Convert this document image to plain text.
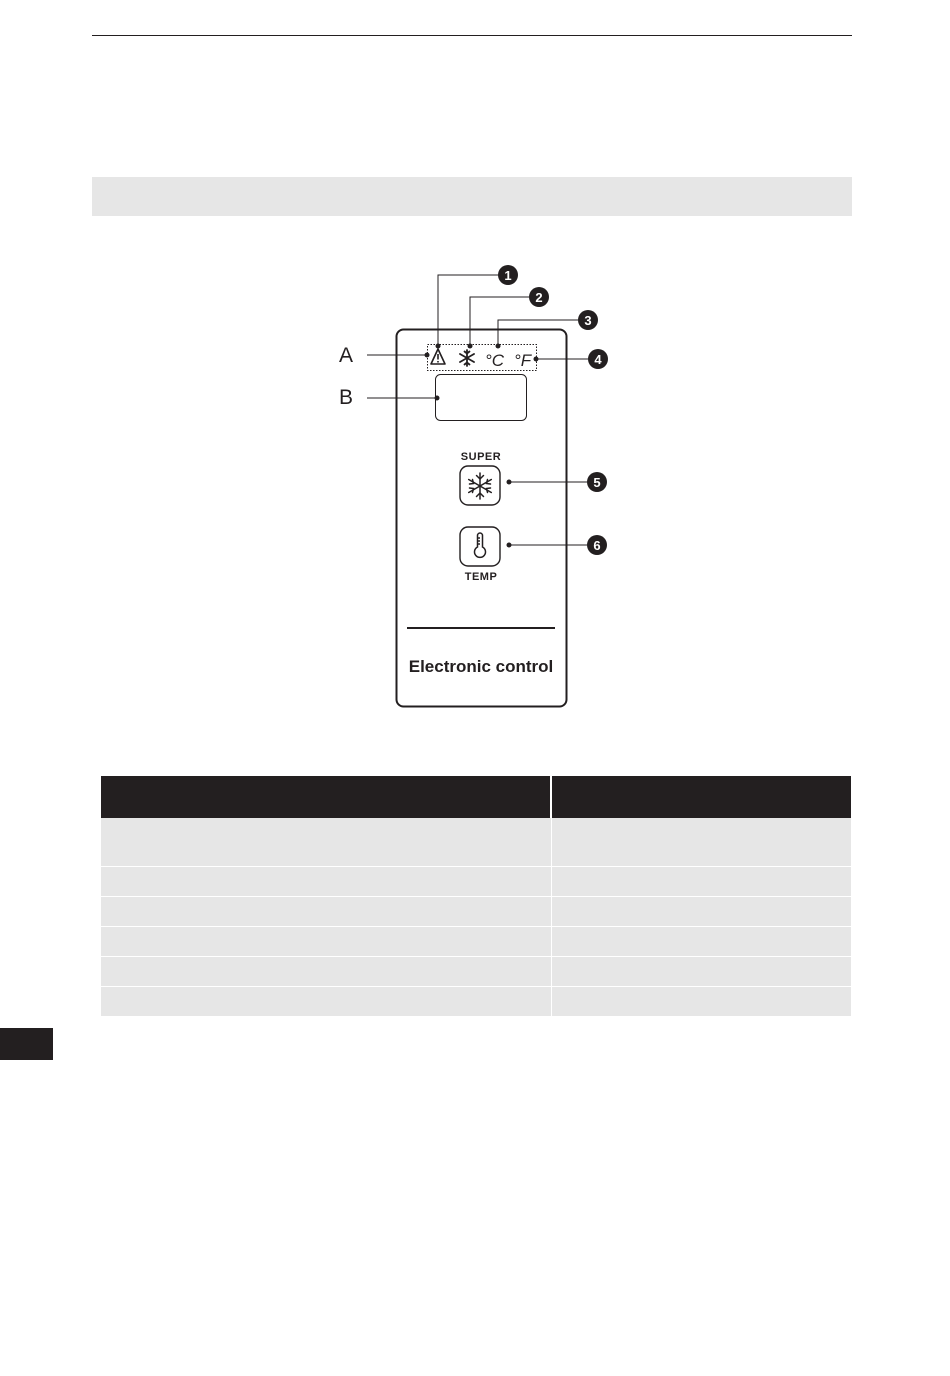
°C °F
SUPER
TEMP
Electronic control
1
2
3
4
5
6
A
B
